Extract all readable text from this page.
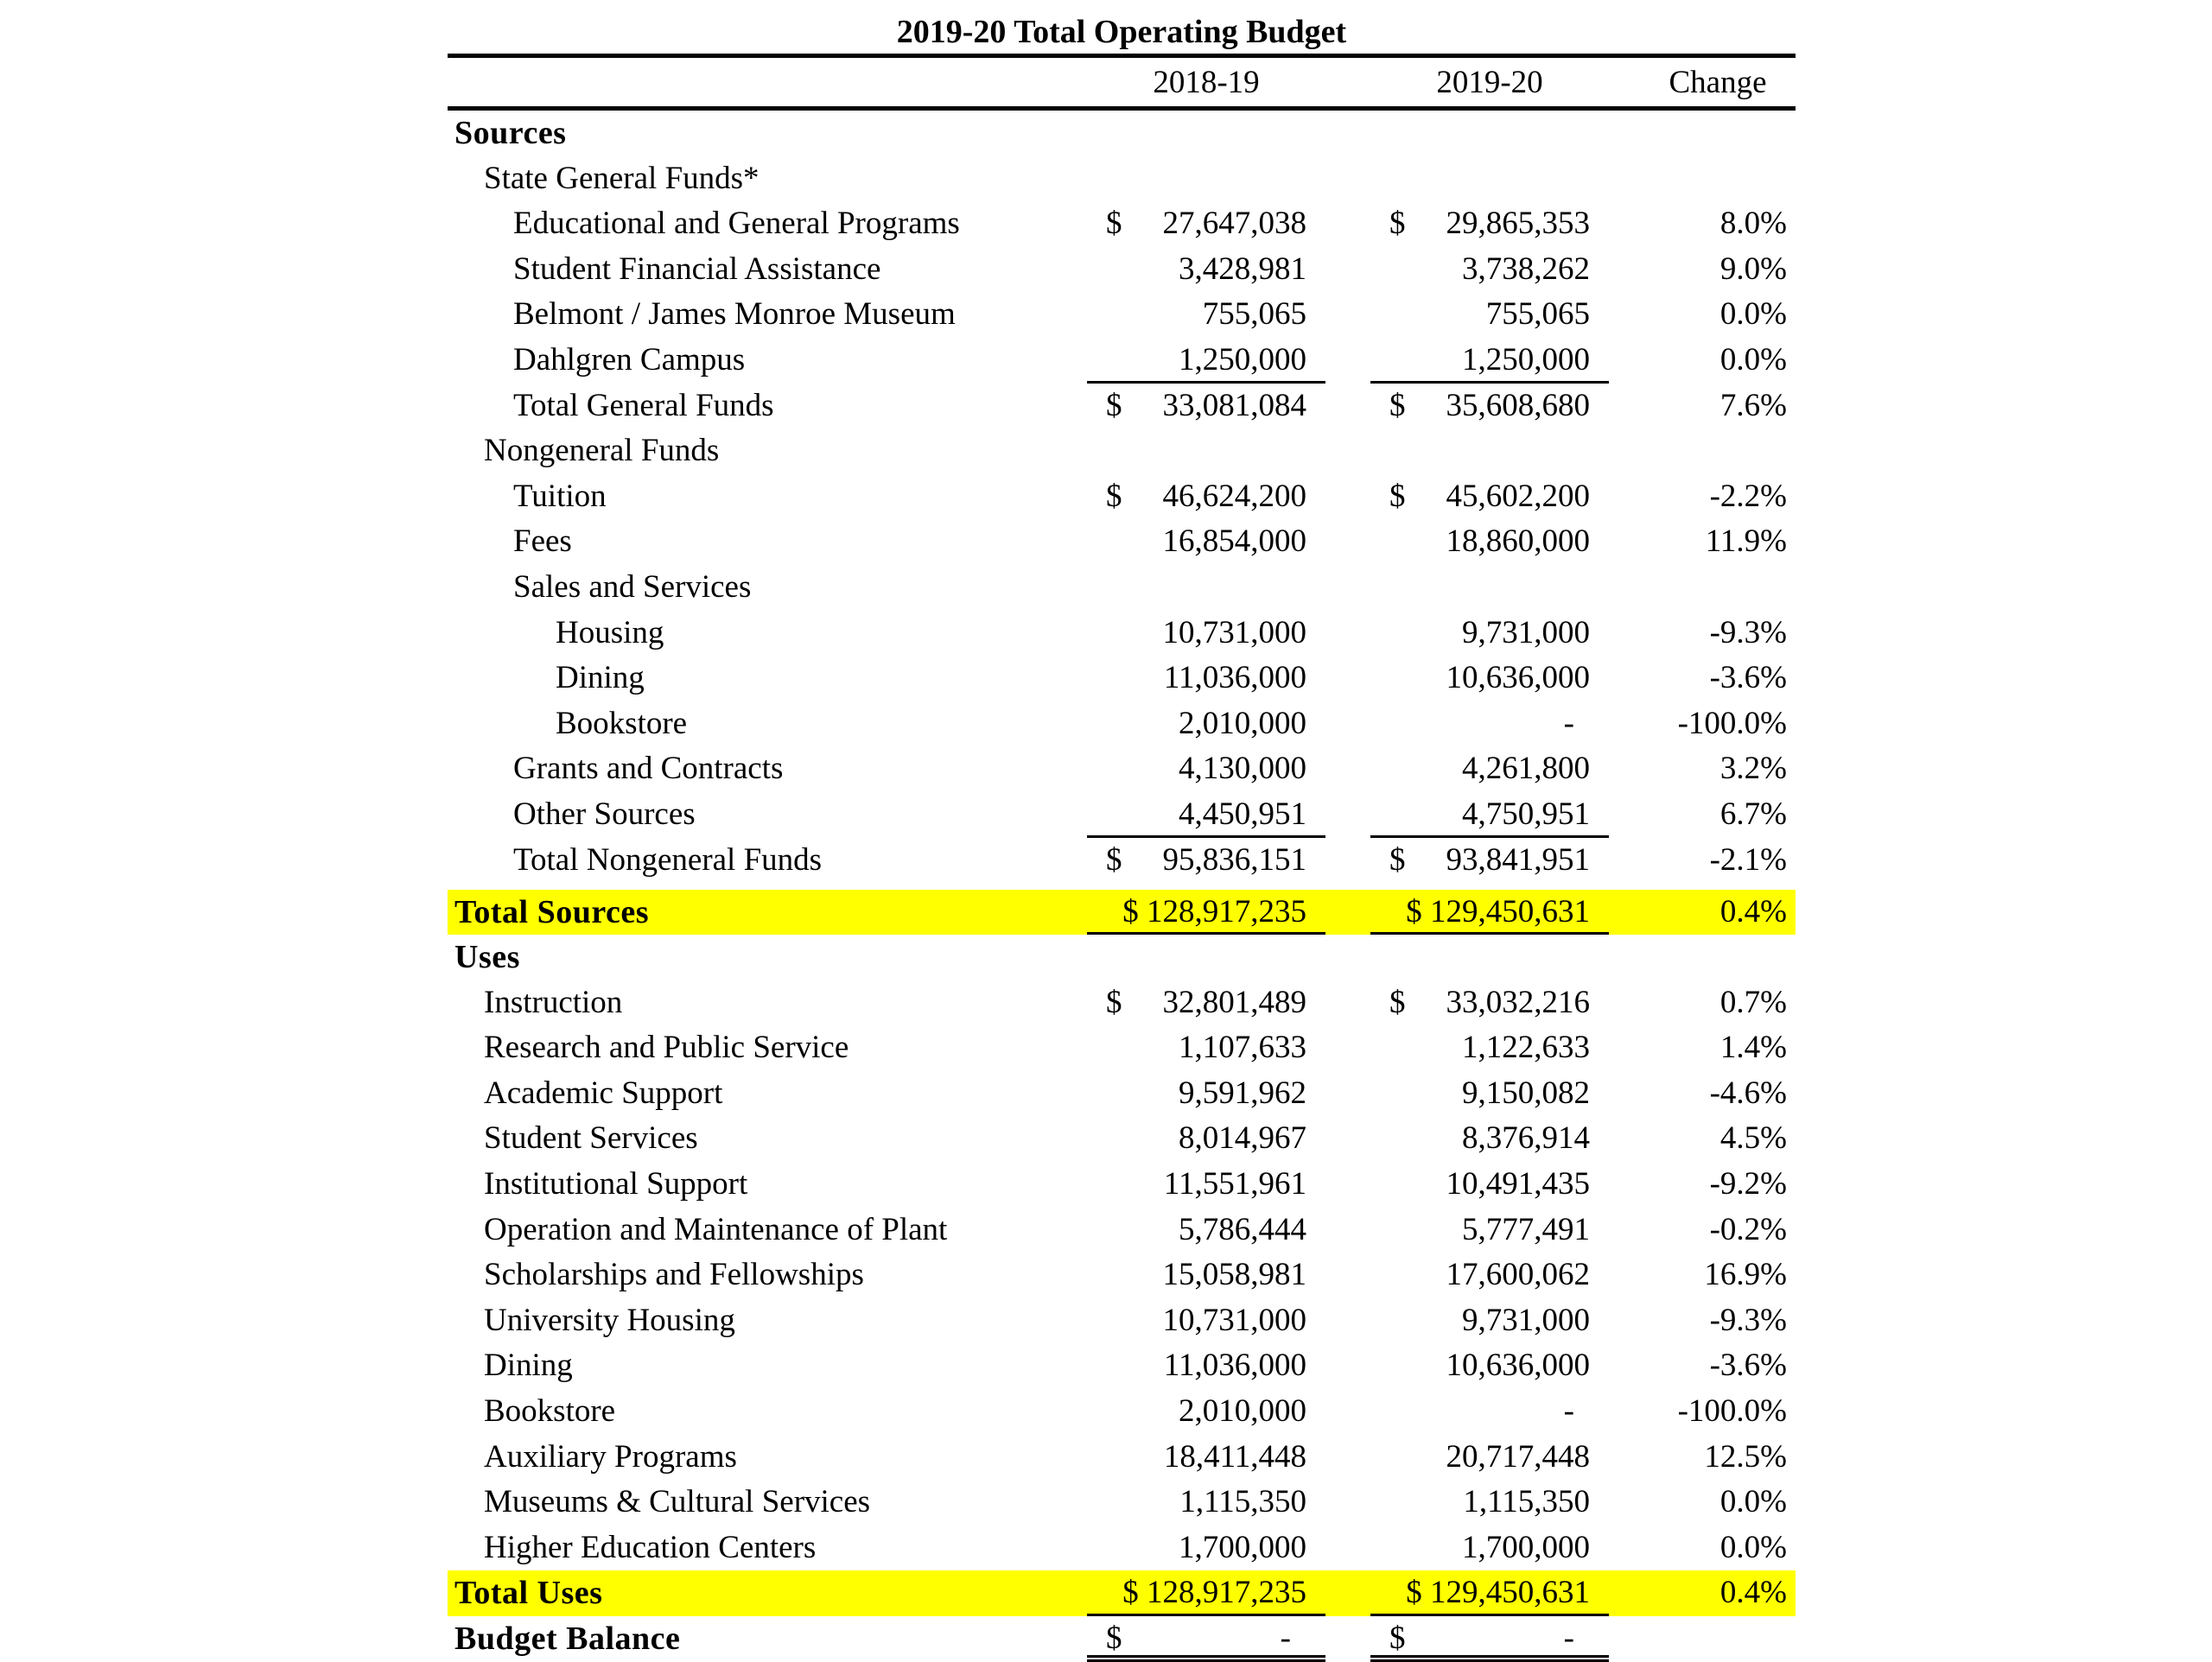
2019-20 Total Operating Budget
2018-19	2019-20	Change
Sources
State General Funds*
Educational and General Programs	$ 27,647,038	$ 29,865,353	8.0%
Student Financial Assistance	3,428,981	3,738,262	9.0%
Belmont / James Monroe Museum	755,065	755,065	0.0%
Dahlgren Campus	1,250,000	1,250,000	0.0%
Total General Funds	$ 33,081,084	$ 35,608,680	7.6%
Nongeneral Funds
Tuition	$ 46,624,200	$ 45,602,200	-2.2%
Fees	16,854,000	18,860,000	11.9%
Sales and Services
Housing	10,731,000	9,731,000	-9.3%
Dining	11,036,000	10,636,000	-3.6%
Bookstore	2,010,000	-	-100.0%
Grants and Contracts	4,130,000	4,261,800	3.2%
Other Sources	4,450,951	4,750,951	6.7%
Total Nongeneral Funds	$ 95,836,151	$ 93,841,951	-2.1%
Total Sources	$ 128,917,235	$ 129,450,631	0.4%
Uses
Instruction	$ 32,801,489	$ 33,032,216	0.7%
Research and Public Service	1,107,633	1,122,633	1.4%
Academic Support	9,591,962	9,150,082	-4.6%
Student Services	8,014,967	8,376,914	4.5%
Institutional Support	11,551,961	10,491,435	-9.2%
Operation and Maintenance of Plant	5,786,444	5,777,491	-0.2%
Scholarships and Fellowships	15,058,981	17,600,062	16.9%
University Housing	10,731,000	9,731,000	-9.3%
Dining	11,036,000	10,636,000	-3.6%
Bookstore	2,010,000	-	-100.0%
Auxiliary Programs	18,411,448	20,717,448	12.5%
Museums & Cultural Services	1,115,350	1,115,350	0.0%
Higher Education Centers	1,700,000	1,700,000	0.0%
Total Uses	$ 128,917,235	$ 129,450,631	0.4%
Budget Balance	$	-	$	-
